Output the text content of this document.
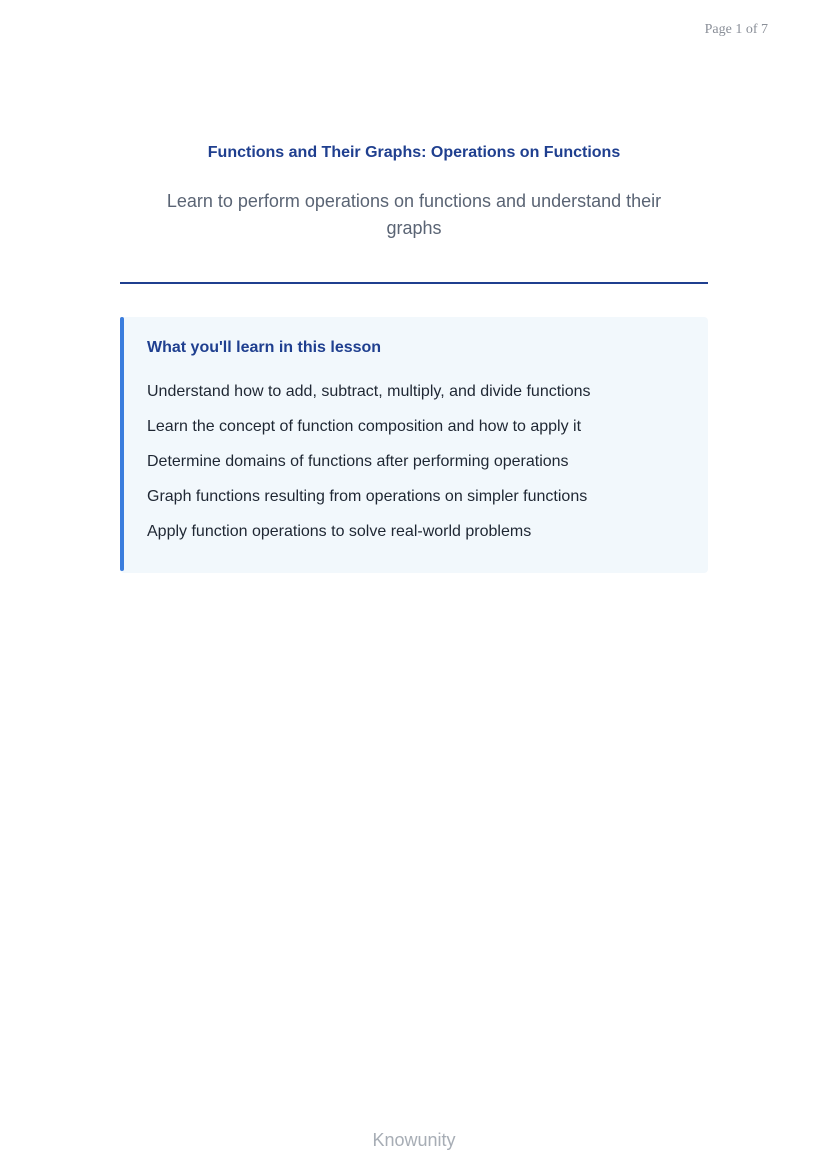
Page 1 of 7
Functions and Their Graphs: Operations on Functions
Learn to perform operations on functions and understand their graphs
What you'll learn in this lesson
Understand how to add, subtract, multiply, and divide functions
Learn the concept of function composition and how to apply it
Determine domains of functions after performing operations
Graph functions resulting from operations on simpler functions
Apply function operations to solve real-world problems
Knowunity
